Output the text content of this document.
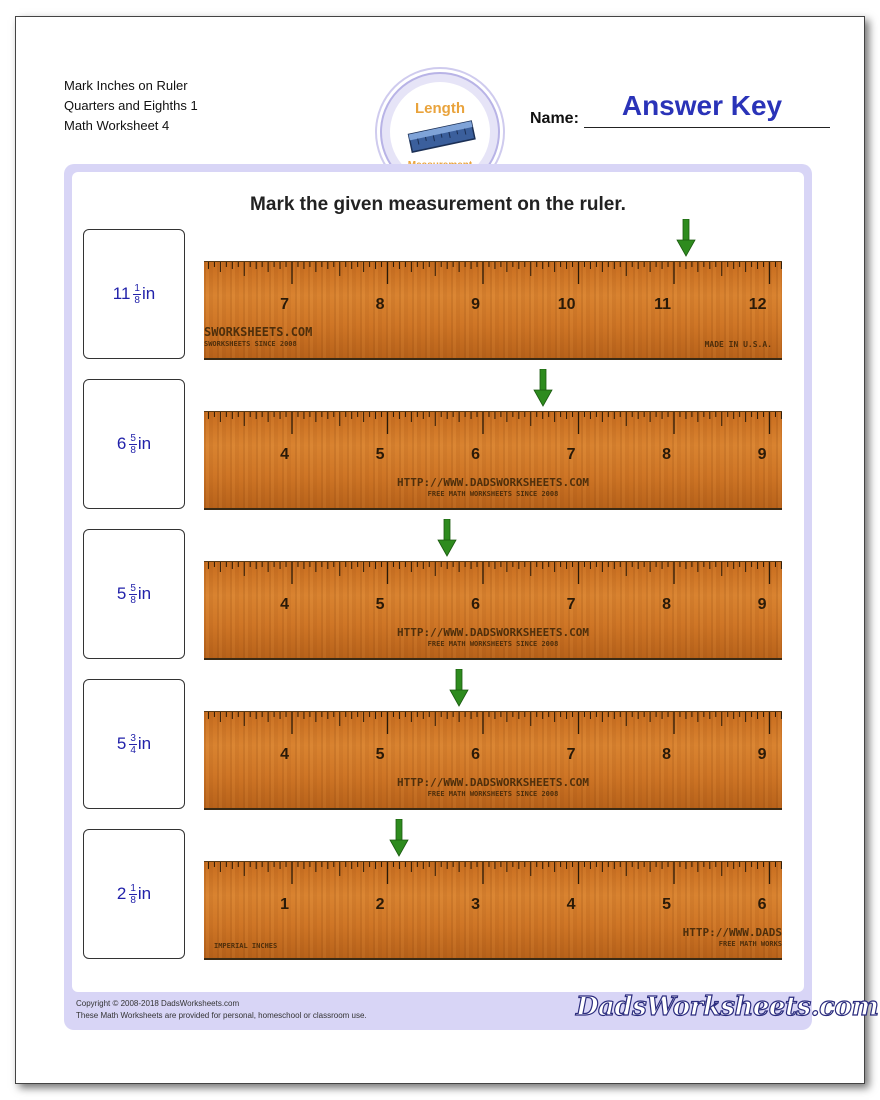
Mark Inches on Ruler
Quarters and Eighths 1
Math Worksheet 4
Length
Name:	Answer Key
Mark the given measurement on the ruler.
Copyright © 2008-2018 DadsWorksheets.com
These Math Worksheets are provided for personal, homeschool or classroom use.	DadsWorksheets.com
$11 \frac{1}{8}$ in
7	8	9	10	11	12
SWORKSHEETS.COM
SWORKSHEETS SINCE 2008	MADE IN U.S.A.
$6 \frac{5}{8}$ in
4	5	6	7	8	9
HTTP://WWW.DADSWORKSHEETS.COM
FREE MATH WORKSHEETS SINCE 2008
$5 \frac{5}{8}$ in
4	5	6	7	8	9
HTTP://WWW.DADSWORKSHEETS.COM
FREE MATH WORKSHEETS SINCE 2008
$5 \frac{3}{4}$ in
4	5	6	7	8	9
HTTP://WWW.DADSWORKSHEETS.COM
FREE MATH WORKSHEETS SINCE 2008
$2 \frac{1}{8}$ in
1	2	3	4	5	6
IMPERIAL INCHES
HTTP://WWW.DADS
FREE MATH WORKS
